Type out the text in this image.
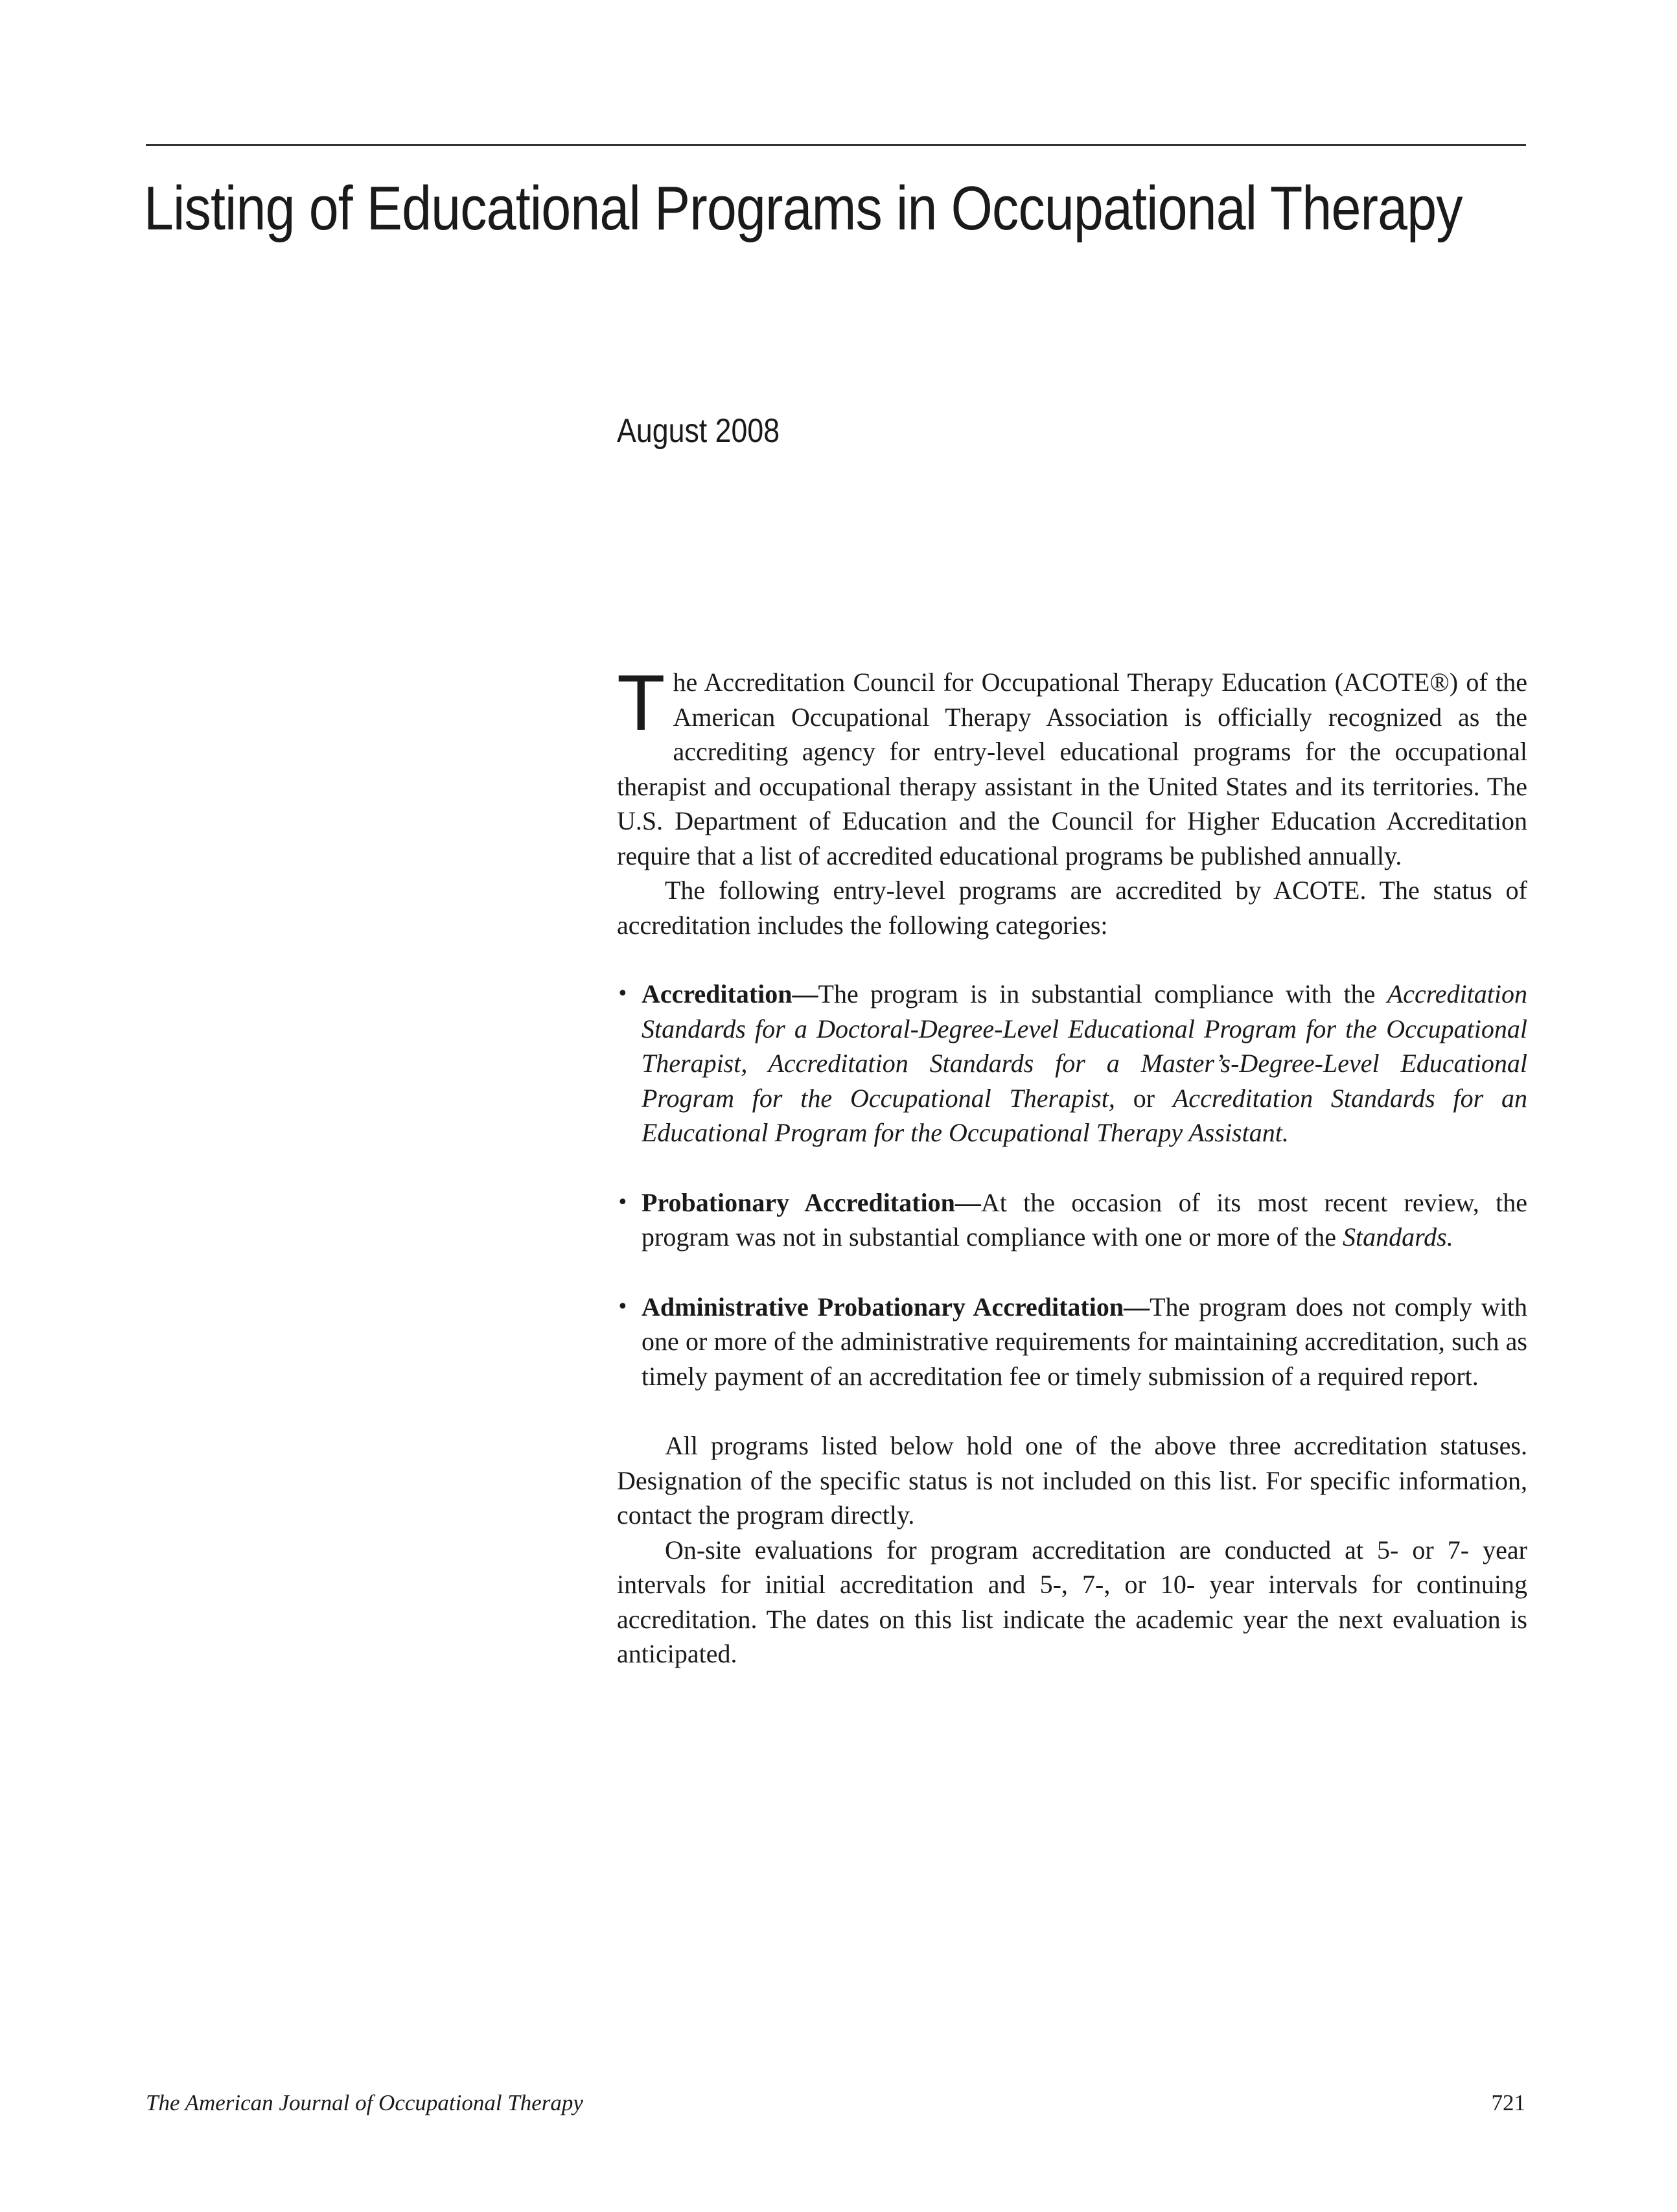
Listing of Educational Programs in Occupational Therapy
August 2008

The Accreditation Council for Occupational Therapy Education (ACOTE®) of the American Occupational Therapy Association is officially recognized as the accrediting agency for entry-level educational programs for the occupational therapist and occupational therapy assistant in the United States and its territories. The U.S. Department of Education and the Council for Higher Education Accreditation require that a list of accredited educational programs be published annually.

The following entry-level programs are accredited by ACOTE. The status of accreditation includes the following categories:

• Accreditation—The program is in substantial compliance with the Accreditation Standards for a Doctoral-Degree-Level Educational Program for the Occupational Therapist, Accreditation Standards for a Master’s-Degree-Level Educational Program for the Occupational Therapist, or Accreditation Standards for an Educational Program for the Occupational Therapy Assistant.
• Probationary Accreditation—At the occasion of its most recent review, the program was not in substantial compliance with one or more of the Standards.
• Administrative Probationary Accreditation—The program does not comply with one or more of the administrative requirements for maintaining accreditation, such as timely payment of an accreditation fee or timely submission of a required report.

All programs listed below hold one of the above three accreditation statuses. Designation of the specific status is not included on this list. For specific information, contact the program directly.

On-site evaluations for program accreditation are conducted at 5- or 7- year intervals for initial accreditation and 5-, 7-, or 10- year intervals for continuing accreditation. The dates on this list indicate the academic year the next evaluation is anticipated.

The American Journal of Occupational Therapy	721
